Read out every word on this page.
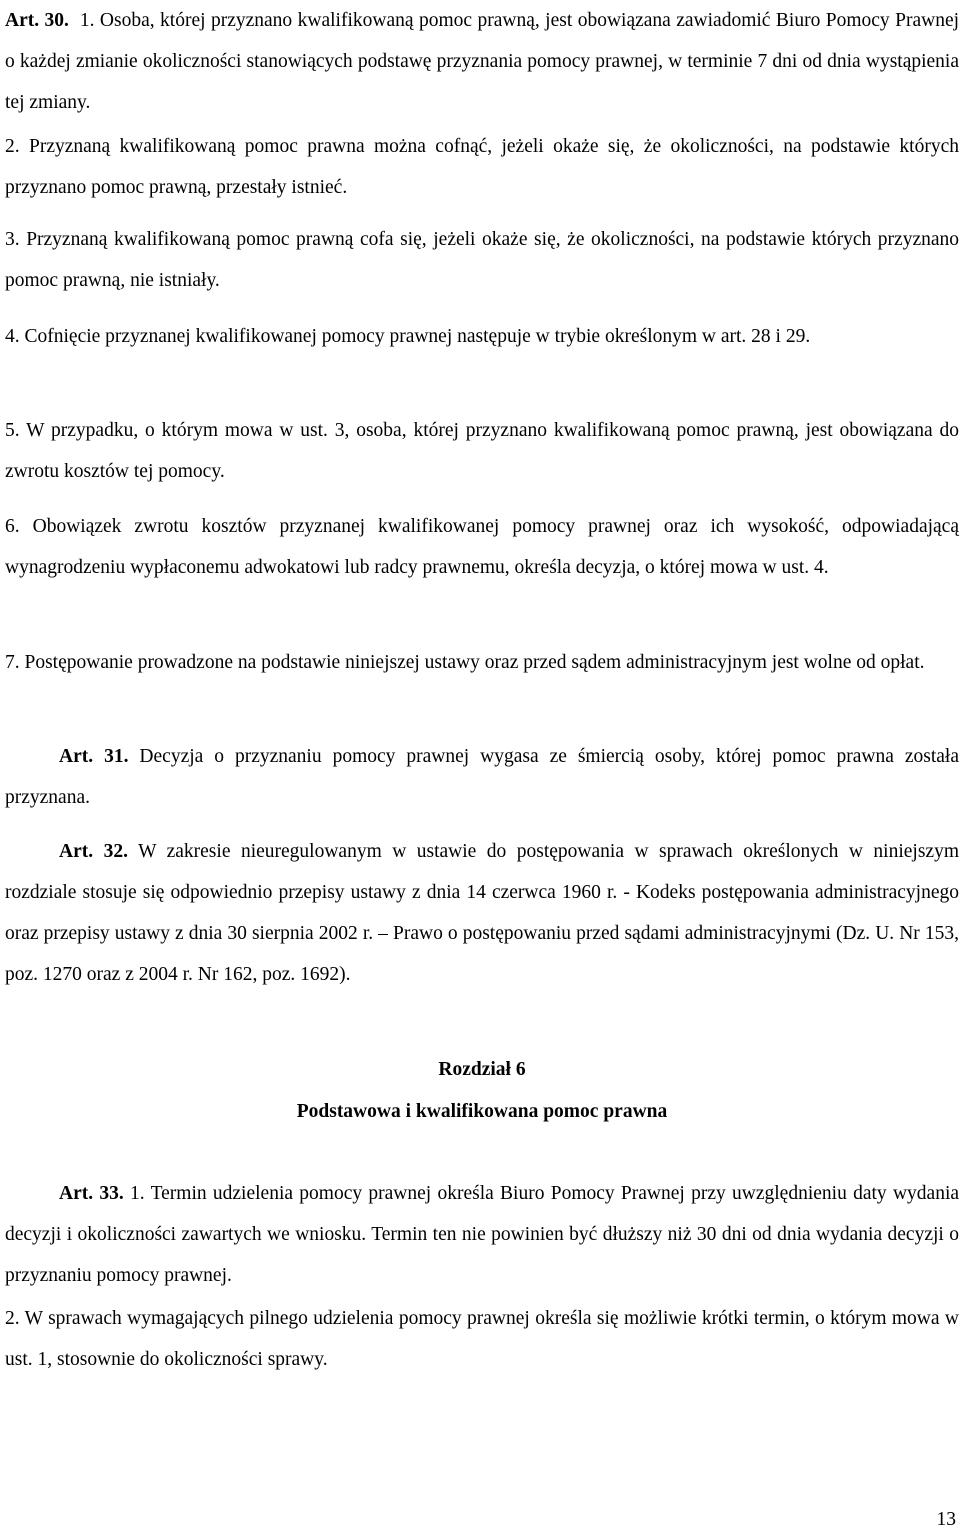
Art. 30. 1. Osoba, której przyznano kwalifikowaną pomoc prawną, jest obowiązana zawiadomić Biuro Pomocy Prawnej o każdej zmianie okoliczności stanowiących podstawę przyznania pomocy prawnej, w terminie 7 dni od dnia wystąpienia tej zmiany.

2. Przyznaną kwalifikowaną pomoc prawna można cofnąć, jeżeli okaże się, że okoliczności, na podstawie których przyznano pomoc prawną, przestały istnieć.

3. Przyznaną kwalifikowaną pomoc prawną cofa się, jeżeli okaże się, że okoliczności, na podstawie których przyznano pomoc prawną, nie istniały.

4. Cofnięcie przyznanej kwalifikowanej pomocy prawnej następuje w trybie określonym w art. 28 i 29.

5. W przypadku, o którym mowa w ust. 3, osoba, której przyznano kwalifikowaną pomoc prawną, jest obowiązana do zwrotu kosztów tej pomocy.

6. Obowiązek zwrotu kosztów przyznanej kwalifikowanej pomocy prawnej oraz ich wysokość, odpowiadającą wynagrodzeniu wypłaconemu adwokatowi lub radcy prawnemu, określa decyzja, o której mowa w ust. 4.

7. Postępowanie prowadzone na podstawie niniejszej ustawy oraz przed sądem administracyjnym jest wolne od opłat.

Art. 31. Decyzja o przyznaniu pomocy prawnej wygasa ze śmiercią osoby, której pomoc prawna została przyznana.

Art. 32. W zakresie nieuregulowanym w ustawie do postępowania w sprawach określonych w niniejszym rozdziale stosuje się odpowiednio przepisy ustawy z dnia 14 czerwca 1960 r. - Kodeks postępowania administracyjnego oraz przepisy ustawy z dnia 30 sierpnia 2002 r. – Prawo o postępowaniu przed sądami administracyjnymi (Dz. U. Nr 153, poz. 1270 oraz z 2004 r. Nr 162, poz. 1692).

Rozdział 6
Podstawowa i kwalifikowana pomoc prawna

Art. 33. 1. Termin udzielenia pomocy prawnej określa Biuro Pomocy Prawnej przy uwzględnieniu daty wydania decyzji i okoliczności zawartych we wniosku. Termin ten nie powinien być dłuższy niż 30 dni od dnia wydania decyzji o przyznaniu pomocy prawnej.

2. W sprawach wymagających pilnego udzielenia pomocy prawnej określa się możliwie krótki termin, o którym mowa w ust. 1, stosownie do okoliczności sprawy.

13
